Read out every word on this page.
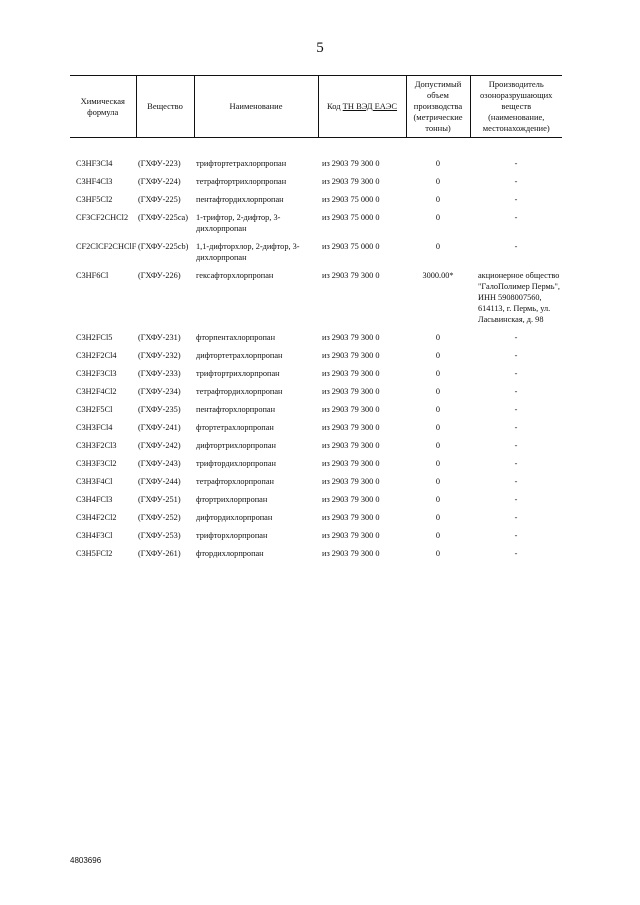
5
Химическая формула	Вещество	Наименование	Код ТН ВЭД ЕАЭС	Допустимый объем производства (метрические тонны)	Производитель озоноразрушающих веществ (наименование, местонахождение)

C3HF3Cl4	(ГХФУ-223)	трифтортетрахлорпропан	из 2903 79 300 0	0	-
C3HF4Cl3	(ГХФУ-224)	тетрафтортрихлорпропан	из 2903 79 300 0	0	-
C3HF5Cl2	(ГХФУ-225)	пентафтордихлорпропан	из 2903 75 000 0	0	-
CF3CF2CHCl2	(ГХФУ-225ca)	1-трифтор, 2-дифтор, 3-дихлорпропан	из 2903 75 000 0	0	-
CF2ClCF2CHClF	(ГХФУ-225cb)	1,1-дифторхлор, 2-дифтор, 3-дихлорпропан	из 2903 75 000 0	0	-
C3HF6Cl	(ГХФУ-226)	гексафторхлорпропан	из 2903 79 300 0	3000.00*	акционерное общество "ГалоПолимер Пермь", ИНН 5908007560, 614113, г. Пермь, ул. Ласьвинская, д. 98
C3H2FCl5	(ГХФУ-231)	фторпентахлорпропан	из 2903 79 300 0	0	-
C3H2F2Cl4	(ГХФУ-232)	дифтортетрахлорпропан	из 2903 79 300 0	0	-
C3H2F3Cl3	(ГХФУ-233)	трифтортрихлорпропан	из 2903 79 300 0	0	-
C3H2F4Cl2	(ГХФУ-234)	тетрафтордихлорпропан	из 2903 79 300 0	0	-
C3H2F5Cl	(ГХФУ-235)	пентафторхлорпропан	из 2903 79 300 0	0	-
C3H3FCl4	(ГХФУ-241)	фтортетрахлорпропан	из 2903 79 300 0	0	-
C3H3F2Cl3	(ГХФУ-242)	дифтортрихлорпропан	из 2903 79 300 0	0	-
C3H3F3Cl2	(ГХФУ-243)	трифтордихлорпропан	из 2903 79 300 0	0	-
C3H3F4Cl	(ГХФУ-244)	тетрафторхлорпропан	из 2903 79 300 0	0	-
C3H4FCl3	(ГХФУ-251)	фтортрихлорпропан	из 2903 79 300 0	0	-
C3H4F2Cl2	(ГХФУ-252)	дифтордихлорпропан	из 2903 79 300 0	0	-
C3H4F3Cl	(ГХФУ-253)	трифторхлорпропан	из 2903 79 300 0	0	-
C3H5FCl2	(ГХФУ-261)	фтордихлорпропан	из 2903 79 300 0	0	-
4803696
